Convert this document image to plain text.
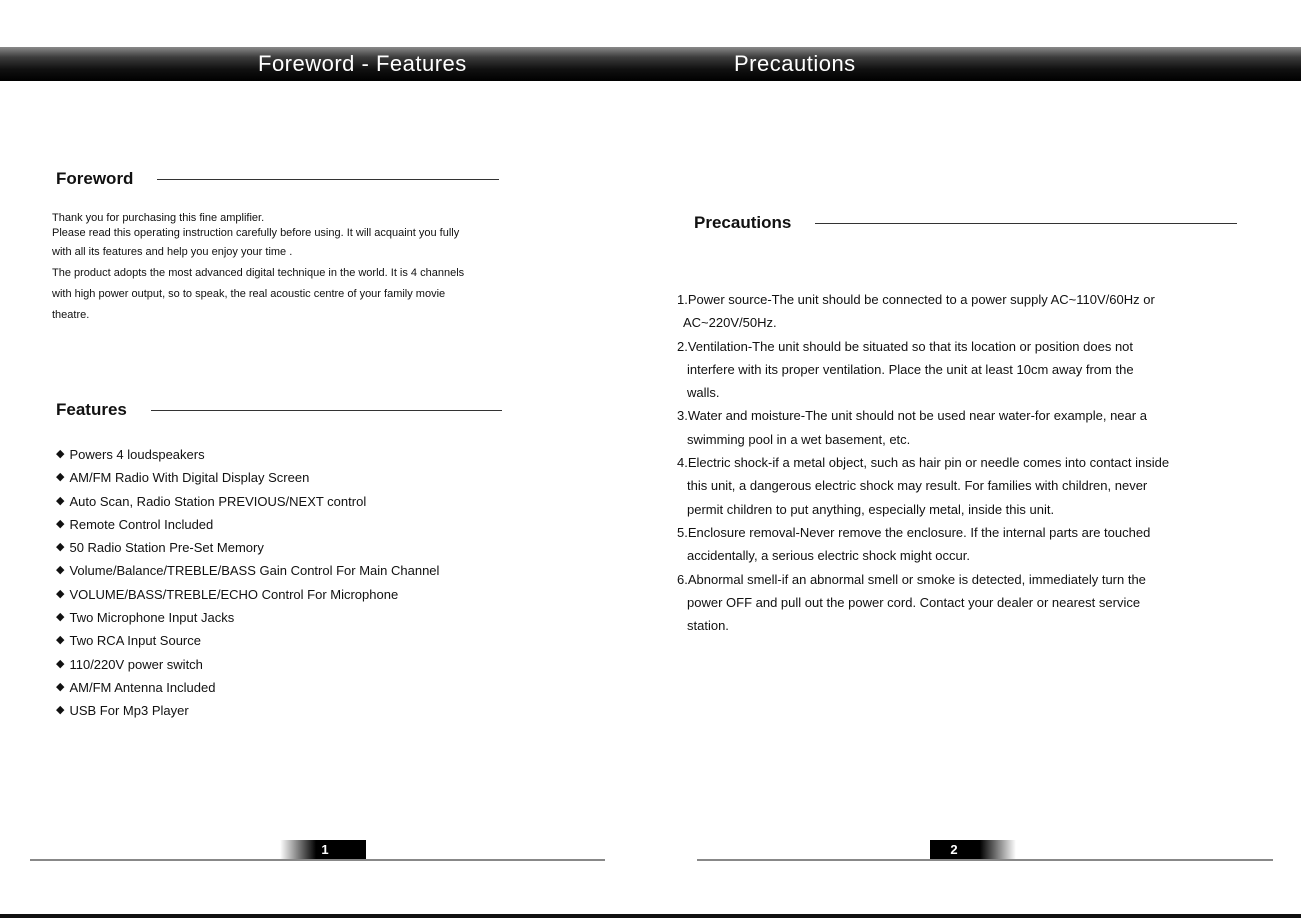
Foreword - Features
Foreword
Thank you for purchasing this fine amplifier.
Please read this operating instruction carefully before using. It will acquaint you fully
with all its features and help you enjoy your time .
The product adopts the most advanced digital technique in the world. It is 4 channels
with high power output, so to speak, the real acoustic centre of your family movie
theatre.
Features
◆ Powers 4 loudspeakers
◆ AM/FM Radio With Digital Display Screen
◆ Auto Scan, Radio Station PREVIOUS/NEXT control
◆ Remote Control Included
◆ 50 Radio Station Pre-Set Memory
◆ Volume/Balance/TREBLE/BASS Gain Control For Main Channel
◆ VOLUME/BASS/TREBLE/ECHO Control For Microphone
◆ Two Microphone Input Jacks
◆ Two RCA Input Source
◆ 110/220V power switch
◆ AM/FM Antenna Included
◆ USB For Mp3 Player
1
Precautions
Precautions
1.Power source-The unit should be connected to a power supply AC~110V/60Hz or
AC~220V/50Hz.
2.Ventilation-The unit should be situated so that its location or position does not
interfere with its proper ventilation. Place the unit at least 10cm away from the
walls.
3.Water and moisture-The unit should not be used near water-for example, near a
swimming pool in a wet basement, etc.
4.Electric shock-if a metal object, such as hair pin or needle comes into contact inside
this unit, a dangerous electric shock may result. For families with children, never
permit children to put anything, especially metal, inside this unit.
5.Enclosure removal-Never remove the enclosure. If the internal parts are touched
accidentally, a serious electric shock might occur.
6.Abnormal smell-if an abnormal smell or smoke is detected, immediately turn the
power OFF and pull out the power cord. Contact your dealer or nearest service
station.
2
